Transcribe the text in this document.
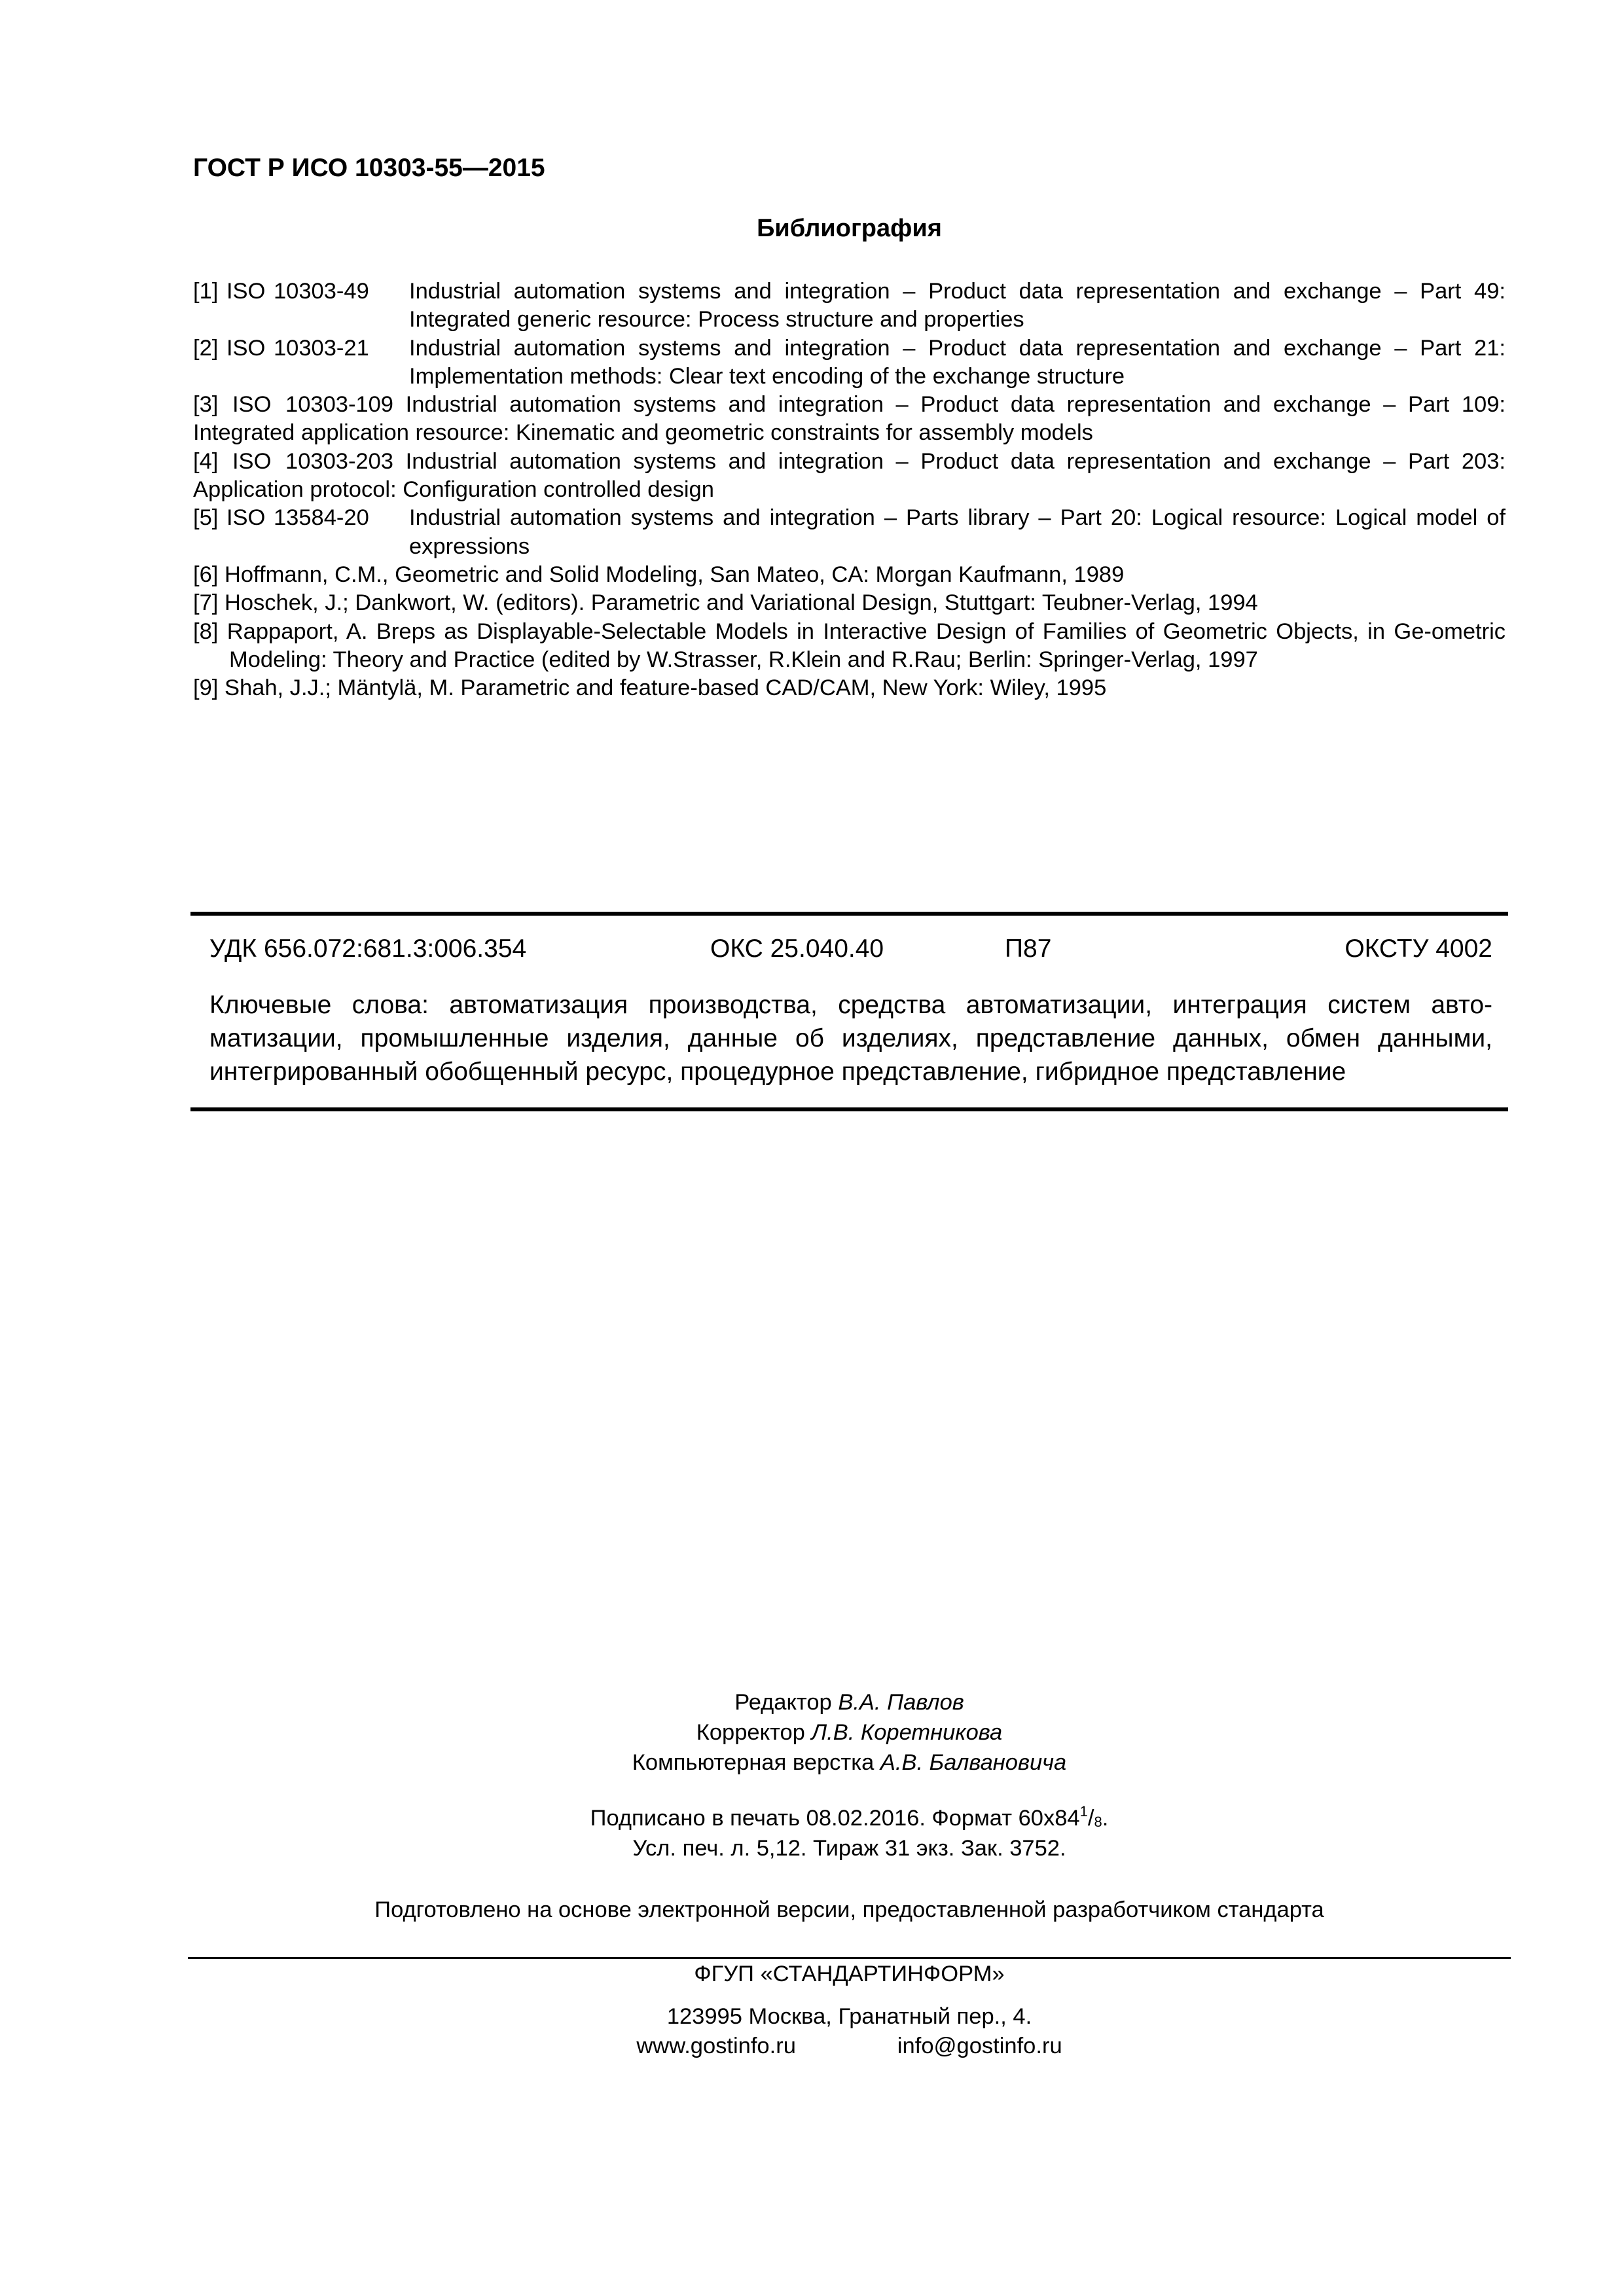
ГОСТ Р ИСО 10303-55—2015
Библиография
[1] ISO 10303-49	Industrial automation systems and integration – Product data representation and exchange – Part 49: Integrated generic resource: Process structure and properties
[2] ISO 10303-21	Industrial automation systems and integration – Product data representation and exchange – Part 21: Implementation methods: Clear text encoding of the exchange structure
[3] ISO 10303-109 Industrial automation systems and integration – Product data representation and exchange – Part 109: Integrated application resource: Kinematic and geometric constraints for assembly models
[4] ISO 10303-203 Industrial automation systems and integration – Product data representation and exchange – Part 203: Application protocol: Configuration controlled design
[5] ISO 13584-20	Industrial automation systems and integration – Parts library – Part 20: Logical resource: Logical model of expressions
[6] Hoffmann, C.M., Geometric and Solid Modeling, San Mateo, CA: Morgan Kaufmann, 1989
[7] Hoschek, J.; Dankwort, W. (editors). Parametric and Variational Design, Stuttgart: Teubner-Verlag, 1994
[8] Rappaport, A. Breps as Displayable-Selectable Models in Interactive Design of Families of Geometric Objects, in Ge-ometric Modeling: Theory and Practice (edited by W.Strasser, R.Klein and R.Rau; Berlin: Springer-Verlag, 1997
[9] Shah, J.J.; Mäntylä, M. Parametric and feature-based CAD/CAM, New York: Wiley, 1995
УДК 656.072:681.3:006.354	ОКС 25.040.40	П87	ОКСТУ 4002
Ключевые слова: автоматизация производства, средства автоматизации, интеграция систем авто-матизации, промышленные изделия, данные об изделиях, представление данных, обмен данными, интегрированный обобщенный ресурс, процедурное представление, гибридное представление
Редактор В.А. Павлов
Корректор Л.В. Коретникова
Компьютерная верстка А.В. Балвановича
Подписано в печать 08.02.2016. Формат $60x84^1/_8$.
Усл. печ. л. 5,12. Тираж 31 экз. Зак. 3752.
Подготовлено на основе электронной версии, предоставленной разработчиком стандарта
ФГУП «СТАНДАРТИНФОРМ»
123995 Москва, Гранатный пер., 4.
www.gostinfo.ru	info@gostinfo.ru
